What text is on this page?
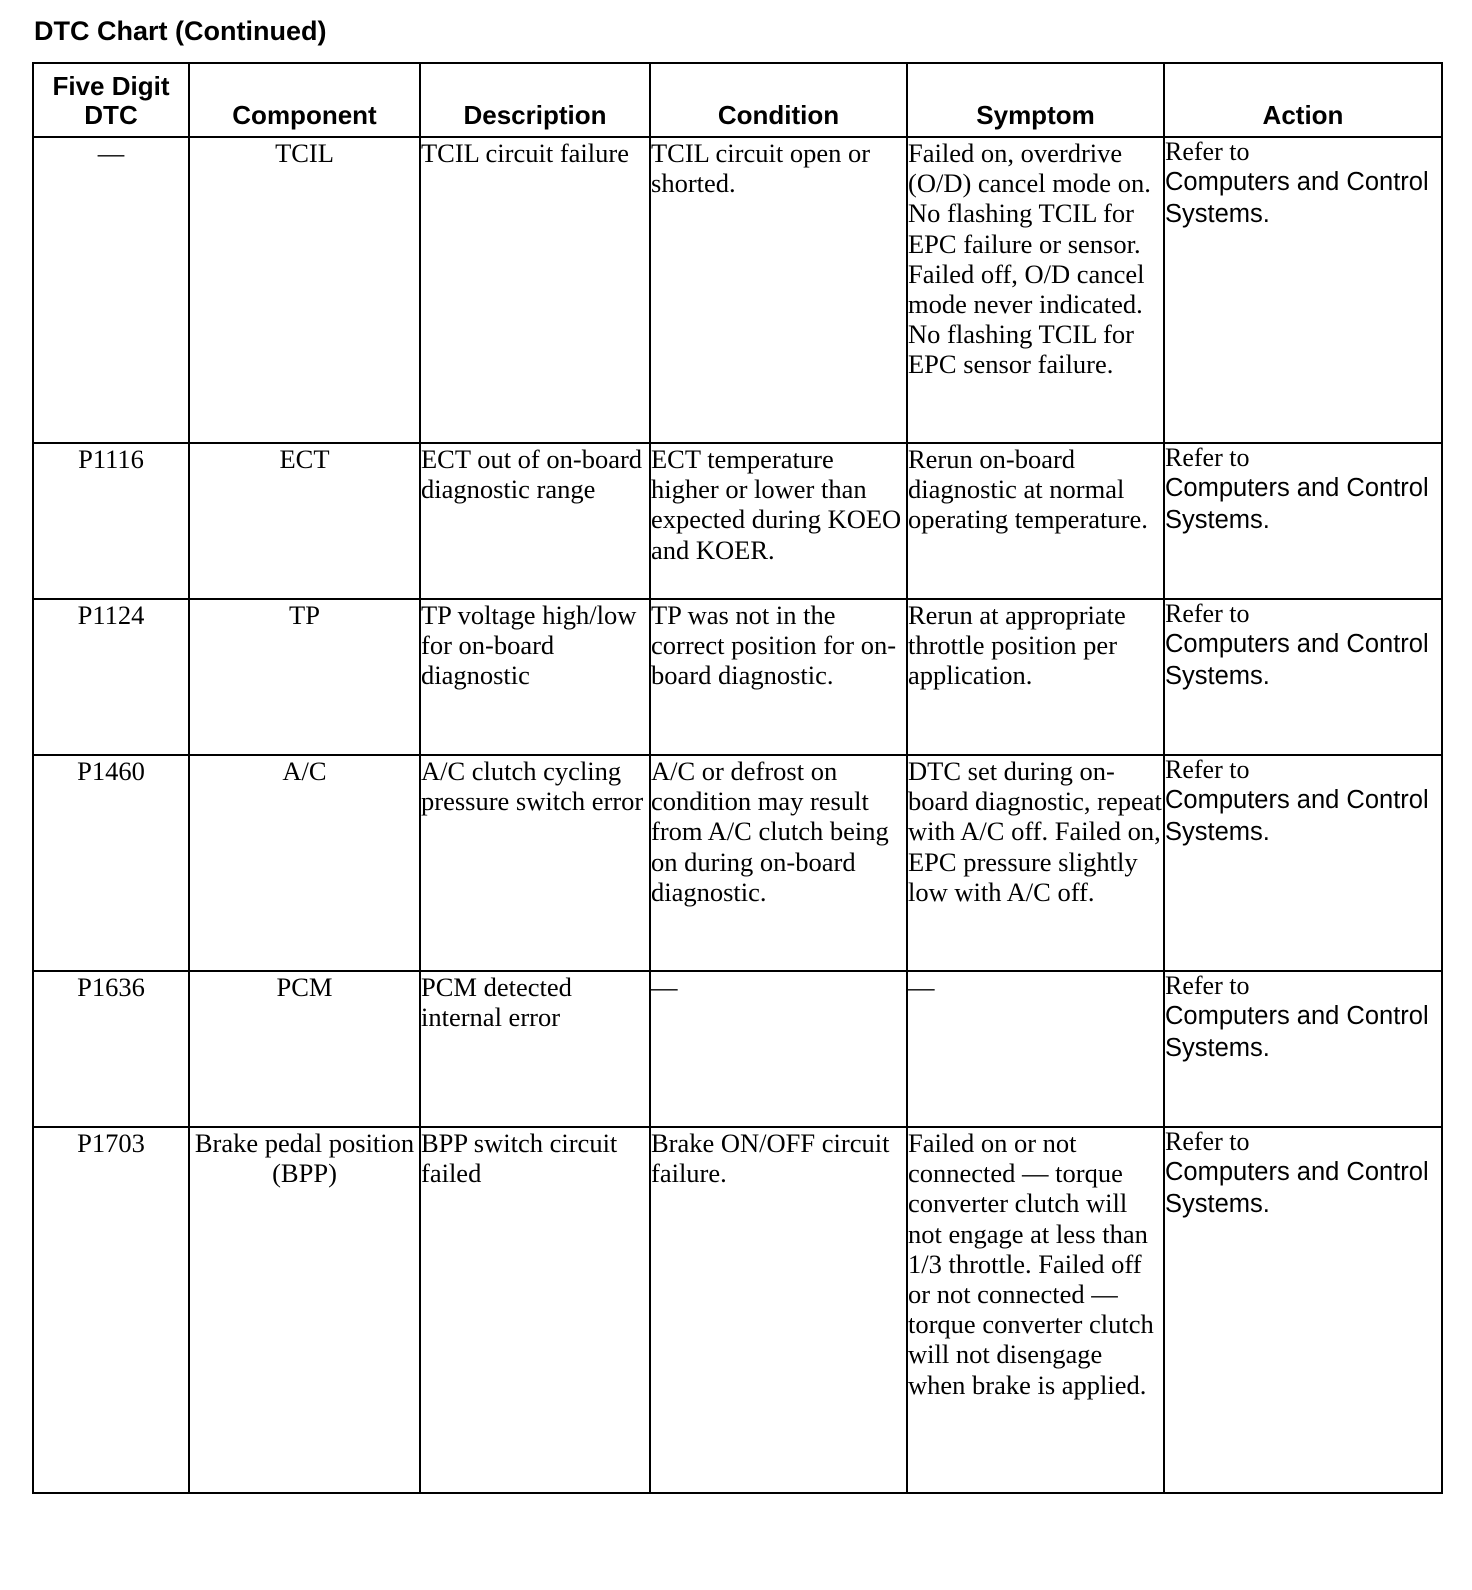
DTC Chart (Continued)
Five Digit
DTC	Component	Description	Condition	Symptom	Action
—	TCIL	TCIL circuit failure	TCIL circuit open or shorted.	Failed on, overdrive (O/D) cancel mode on. No flashing TCIL for EPC failure or sensor. Failed off, O/D cancel mode never indicated. No flashing TCIL for EPC sensor failure.	Refer to
Computers and Control Systems.

P1116	ECT	ECT out of on-board diagnostic range	ECT temperature higher or lower than expected during KOEO and KOER.	Rerun on-board diagnostic at normal operating temperature.	Refer to
Computers and Control Systems.

P1124	TP	TP voltage high/low for on-board diagnostic	TP was not in the correct position for on-board diagnostic.	Rerun at appropriate throttle position per application.	Refer to
Computers and Control Systems.

P1460	A/C	A/C clutch cycling pressure switch error	A/C or defrost on condition may result from A/C clutch being on during on-board diagnostic.	DTC set during on-board diagnostic, repeat with A/C off. Failed on, EPC pressure slightly low with A/C off.	Refer to
Computers and Control Systems.

P1636	PCM	PCM detected internal error	—	—	Refer to
Computers and Control Systems.

P1703	Brake pedal position (BPP)	BPP switch circuit failed	Brake ON/OFF circuit failure.	Failed on or not connected — torque converter clutch will not engage at less than 1/3 throttle. Failed off or not connected — torque converter clutch will not disengage when brake is applied.	Refer to
Computers and Control Systems.
